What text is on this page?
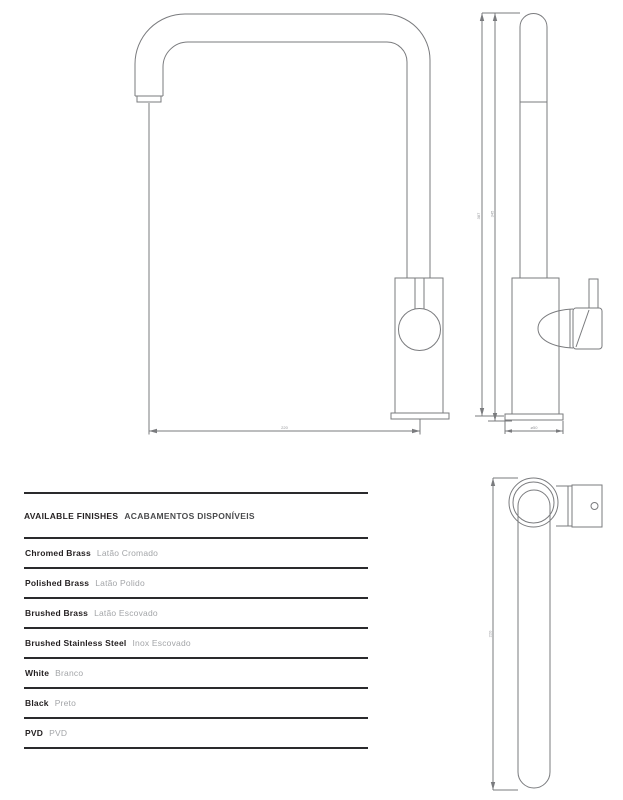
220
387 345
ø50
220
AVAILABLE FINISHES ACABAMENTOS DISPONÍVEIS
Chromed Brass Latão Cromado
Polished Brass Latão Polido
Brushed Brass Latão Escovado
Brushed Stainless Steel Inox Escovado
White Branco
Black Preto
PVD PVD
